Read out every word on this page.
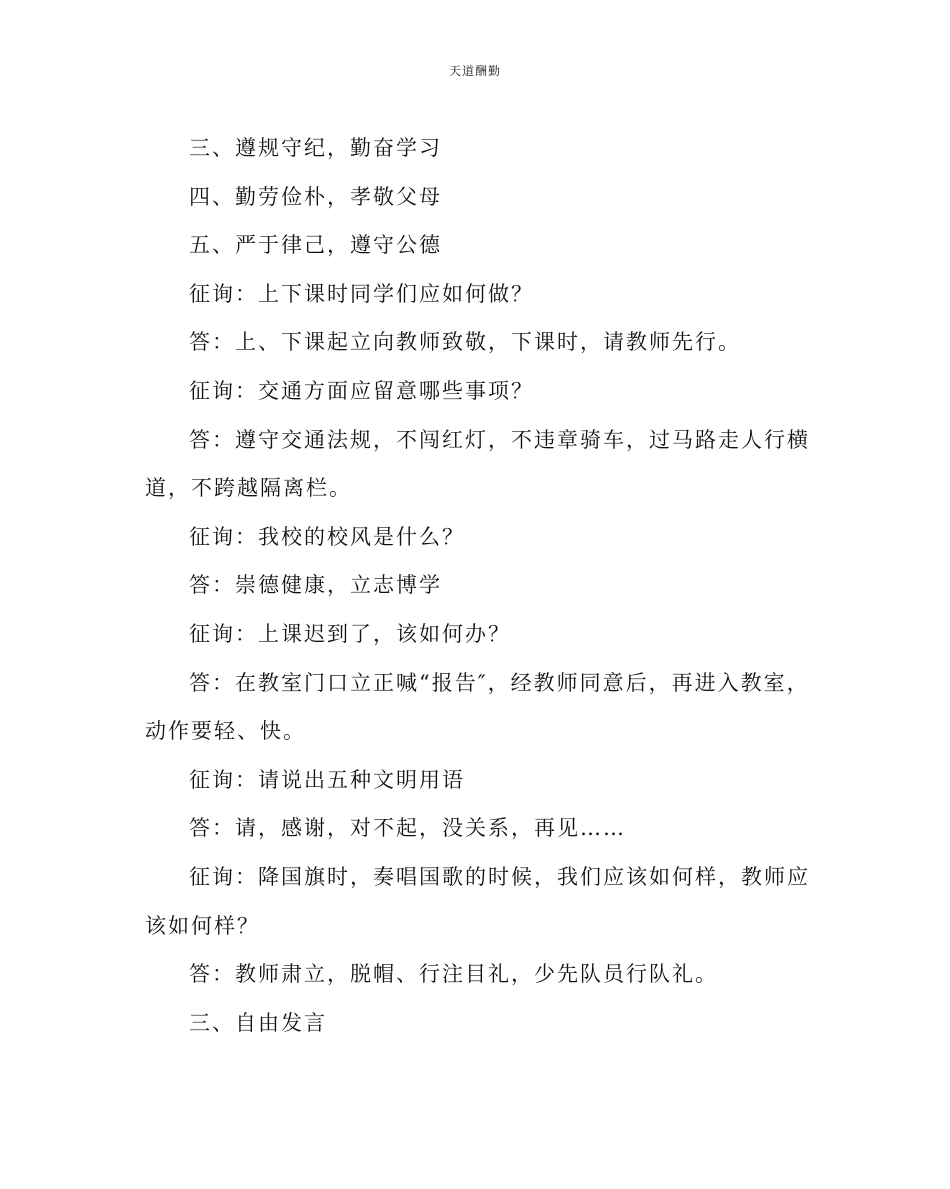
天道酬勤

三、遵规守纪，勤奋学习

四、勤劳俭朴，孝敬父母

五、严于律己，遵守公德

征询：上下课时同学们应如何做？

答：上、下课起立向教师致敬，下课时，请教师先行。

征询：交通方面应留意哪些事项？

答：遵守交通法规，不闯红灯，不违章骑车，过马路走人行横道，不跨越隔离栏。

征询：我校的校风是什么？

答：崇德健康，立志博学

征询：上课迟到了，该如何办？

答：在教室门口立正喊“报告″，经教师同意后，再进入教室，动作要轻、快。

征询：请说出五种文明用语

答：请，感谢，对不起，没关系，再见……

征询：降国旗时，奏唱国歌的时候，我们应该如何样，教师应该如何样？

答：教师肃立，脱帽、行注目礼，少先队员行队礼。

三、自由发言
